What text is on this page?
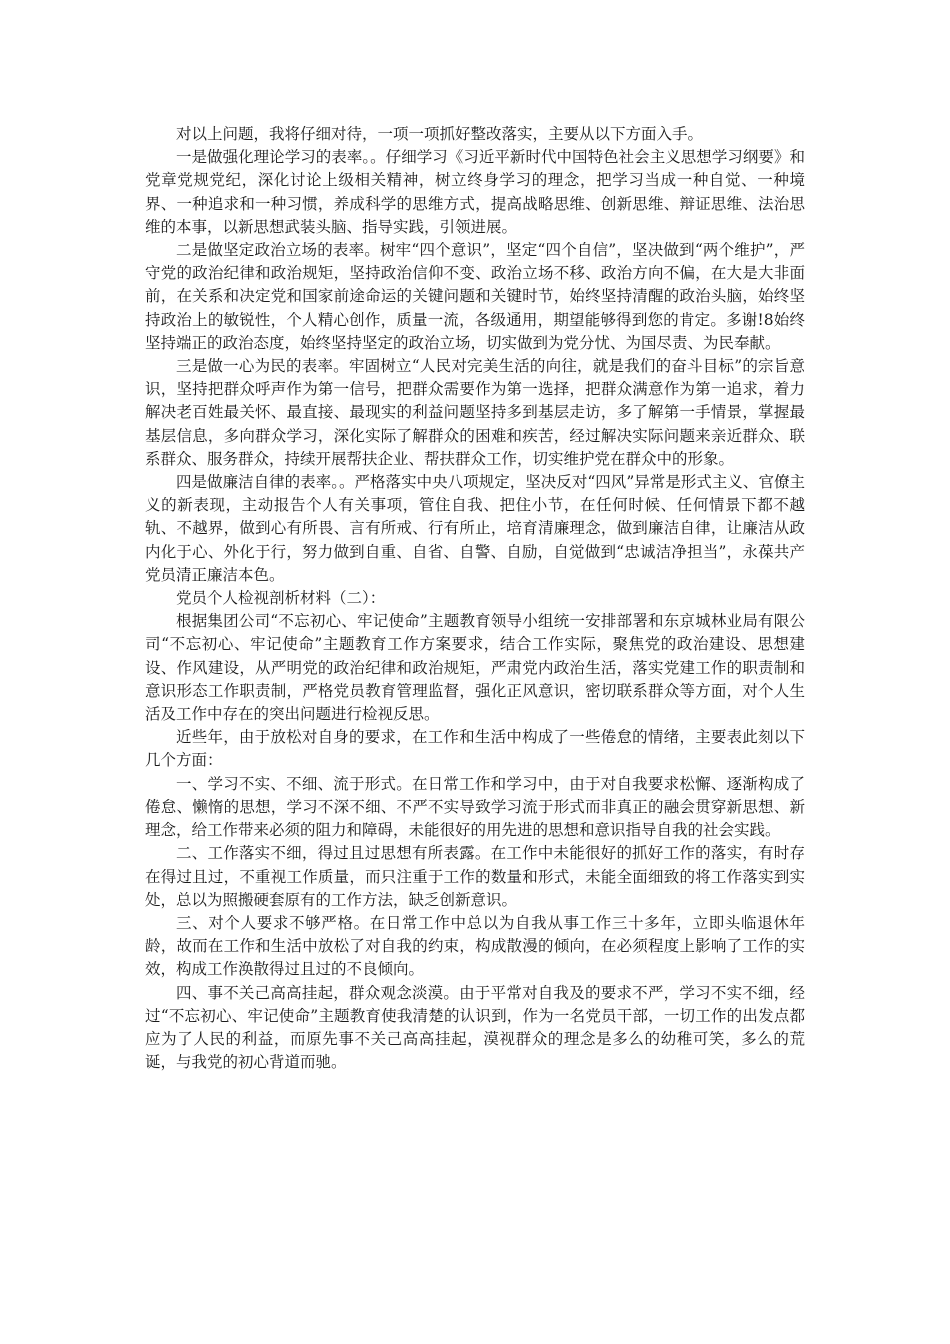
对以上问题，我将仔细对待，一项一项抓好整改落实，主要从以下方面入手。

一是做强化理论学习的表率。。仔细学习《习近平新时代中国特色社会主义思想学习纲要》和党章党规党纪，深化讨论上级相关精神，树立终身学习的理念，把学习当成一种自觉、一种境界、一种追求和一种习惯，养成科学的思维方式，提高战略思维、创新思维、辩证思维、法治思维的本事，以新思想武装头脑、指导实践，引领进展。

二是做坚定政治立场的表率。树牢“四个意识”，坚定“四个自信”，坚决做到“两个维护”，严守党的政治纪律和政治规矩，坚持政治信仰不变、政治立场不移、政治方向不偏，在大是大非面前，在关系和决定党和国家前途命运的关键问题和关键时节，始终坚持清醒的政治头脑，始终坚持政治上的敏锐性，个人精心创作，质量一流，各级通用，期望能够得到您的肯定。多谢!8始终坚持端正的政治态度，始终坚持坚定的政治立场，切实做到为党分忧、为国尽责、为民奉献。

三是做一心为民的表率。牢固树立“人民对完美生活的向往，就是我们的奋斗目标”的宗旨意识，坚持把群众呼声作为第一信号，把群众需要作为第一选择，把群众满意作为第一追求，着力解决老百姓最关怀、最直接、最现实的利益问题坚持多到基层走访，多了解第一手情景，掌握最基层信息，多向群众学习，深化实际了解群众的困难和疾苦，经过解决实际问题来亲近群众、联系群众、服务群众，持续开展帮扶企业、帮扶群众工作，切实维护党在群众中的形象。

四是做廉洁自律的表率。。严格落实中央八项规定，坚决反对“四风”异常是形式主义、官僚主义的新表现，主动报告个人有关事项，管住自我、把住小节，在任何时候、任何情景下都不越轨、不越界，做到心有所畏、言有所戒、行有所止，培育清廉理念，做到廉洁自律，让廉洁从政内化于心、外化于行，努力做到自重、自省、自警、自励，自觉做到“忠诚洁净担当”，永葆共产党员清正廉洁本色。

党员个人检视剖析材料（二）：

根据集团公司“不忘初心、牢记使命”主题教育领导小组统一安排部署和东京城林业局有限公司“不忘初心、牢记使命”主题教育工作方案要求，结合工作实际，聚焦党的政治建设、思想建设、作风建设，从严明党的政治纪律和政治规矩，严肃党内政治生活，落实党建工作的职责制和意识形态工作职责制，严格党员教育管理监督，强化正风意识，密切联系群众等方面，对个人生活及工作中存在的突出问题进行检视反思。

近些年，由于放松对自身的要求，在工作和生活中构成了一些倦怠的情绪，主要表此刻以下几个方面：

一、学习不实、不细、流于形式。在日常工作和学习中，由于对自我要求松懈、逐渐构成了倦怠、懒惰的思想，学习不深不细、不严不实导致学习流于形式而非真正的融会贯穿新思想、新理念，给工作带来必须的阻力和障碍，未能很好的用先进的思想和意识指导自我的社会实践。

二、工作落实不细，得过且过思想有所表露。在工作中未能很好的抓好工作的落实，有时存在得过且过，不重视工作质量，而只注重于工作的数量和形式，未能全面细致的将工作落实到实处，总以为照搬硬套原有的工作方法，缺乏创新意识。

三、对个人要求不够严格。在日常工作中总以为自我从事工作三十多年，立即头临退休年龄，故而在工作和生活中放松了对自我的约束，构成散漫的倾向，在必须程度上影响了工作的实效，构成工作涣散得过且过的不良倾向。

四、事不关己高高挂起，群众观念淡漠。由于平常对自我及的要求不严，学习不实不细，经过“不忘初心、牢记使命”主题教育使我清楚的认识到，作为一名党员干部，一切工作的出发点都应为了人民的利益，而原先事不关己高高挂起，漠视群众的理念是多么的幼稚可笑，多么的荒诞，与我党的初心背道而驰。
